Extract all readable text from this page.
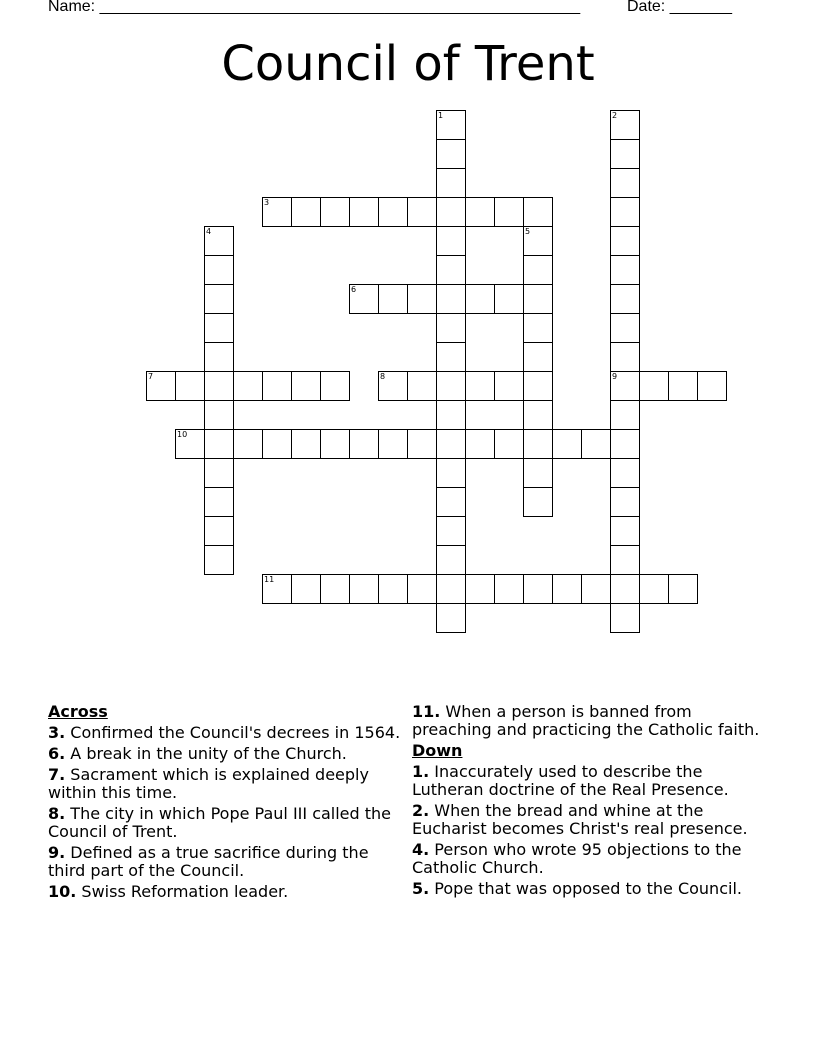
Name: ______________________________________________________	Date: _______
Council of Trent
1	2
9
3
4	5
6
7	8
10
11
Across
3. Confirmed the Council's decrees in 1564.
6. A break in the unity of the Church.
7. Sacrament which is explained deeply within this time.
8. The city in which Pope Paul III called the Council of Trent.
9. Defined as a true sacrifice during the third part of the Council.
10. Swiss Reformation leader.
11. When a person is banned from preaching and practicing the Catholic faith.
Down
1. Inaccurately used to describe the Lutheran doctrine of the Real Presence.
2. When the bread and whine at the Eucharist becomes Christ's real presence.
4. Person who wrote 95 objections to the Catholic Church.
5. Pope that was opposed to the Council.
